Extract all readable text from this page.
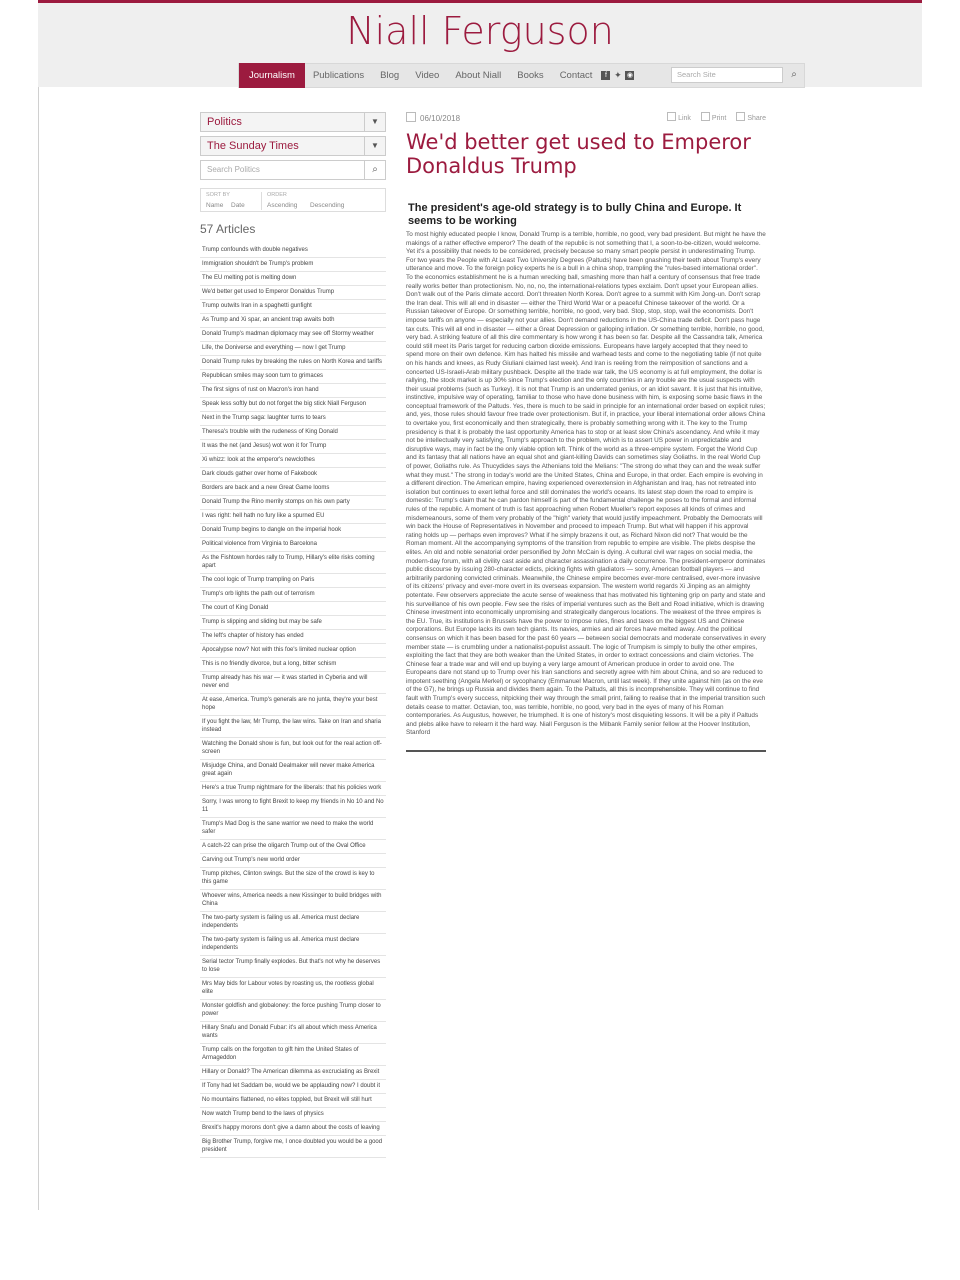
Niall Ferguson
Journalism	Publications	Blog	Video	About Niall	Books	Contact	f ✦ ◉	Search Site	⌕
Politics	▼
The Sunday Times	▼
Search Politics	⌕
SORT BY
Name Date
ORDER
Ascending Descending
57 Articles
Trump confounds with double negatives
Immigration shouldn't be Trump's problem
The EU melting pot is melting down
We'd better get used to Emperor Donaldus Trump
Trump outwits Iran in a spaghetti gunfight
As Trump and Xi spar, an ancient trap awaits both
Donald Trump's madman diplomacy may see off Stormy weather
Life, the Doniverse and everything — now I get Trump
Donald Trump rules by breaking the rules on North Korea and tariffs
Republican smiles may soon turn to grimaces
The first signs of rust on Macron's iron hand
Speak less softly but do not forget the big stick Niall Ferguson
Next in the Trump saga: laughter turns to tears
Theresa's trouble with the rudeness of King Donald
It was the net (and Jesus) wot won it for Trump
Xi whizz: look at the emperor's newclothes
Dark clouds gather over home of Fakebook
Borders are back and a new Great Game looms
Donald Trump the Rino merrily stomps on his own party
I was right: hell hath no fury like a spurned EU
Donald Trump begins to dangle on the imperial hook
Political violence from Virginia to Barcelona
As the Fishtown hordes rally to Trump, Hillary's elite risks coming apart
The cool logic of Trump trampling on Paris
Trump's orb lights the path out of terrorism
The court of King Donald
Trump is slipping and sliding but may be safe
The left's chapter of history has ended
Apocalypse now? Not with this foe's limited nuclear option
This is no friendly divorce, but a long, bitter schism
Trump already has his war — it was started in Cyberia and will never end
At ease, America. Trump's generals are no junta, they're your best hope
If you fight the law, Mr Trump, the law wins. Take on Iran and sharia instead
Watching the Donald show is fun, but look out for the real action off-screen
Misjudge China, and Donald Dealmaker will never make America great again
Here's a true Trump nightmare for the liberals: that his policies work
Sorry, I was wrong to fight Brexit to keep my friends in No 10 and No 11
Trump's Mad Dog is the sane warrior we need to make the world safer
A catch-22 can prise the oligarch Trump out of the Oval Office
Carving out Trump's new world order
Trump pitches, Clinton swings. But the size of the crowd is key to this game
Whoever wins, America needs a new Kissinger to build bridges with China
The two-party system is failing us all. America must declare independents
The two-party system is failing us all. America must declare independents
Serial tector Trump finally explodes. But that's not why he deserves to lose
Mrs May bids for Labour votes by roasting us, the rootless global elite
Monster goldfish and globaloney: the force pushing Trump closer to power
Hillary Snafu and Donald Fubar: it's all about which mess America wants
Trump calls on the forgotten to gift him the United States of Armageddon
Hillary or Donald? The American dilemma as excruciating as Brexit
If Tony had let Saddam be, would we be applauding now? I doubt it
No mountains flattened, no elites toppled, but Brexit will still hurt
Now watch Trump bend to the laws of physics
Brexit's happy morons don't give a damn about the costs of leaving
Big Brother Trump, forgive me, I once doubted you would be a good president
06/10/2018	Link	Print	Share
We'd better get used to Emperor Donaldus Trump
The president's age-old strategy is to bully China and Europe. It seems to be working

To most highly educated people I know, Donald Trump is a terrible, horrible, no good, very bad president. But might he have the makings of a rather effective emperor? The death of the republic is not something that I, a soon-to-be-citizen, would welcome. Yet it's a possibility that needs to be considered, precisely because so many smart people persist in underestimating Trump. For two years the People with At Least Two University Degrees (Paltuds) have been gnashing their teeth about Trump's every utterance and move. To the foreign policy experts he is a bull in a china shop, trampling the "rules-based international order". To the economics establishment he is a human wrecking ball, smashing more than half a century of consensus that free trade really works better than protectionism. No, no, no, the international-relations types exclaim. Don't upset your European allies. Don't walk out of the Paris climate accord. Don't threaten North Korea. Don't agree to a summit with Kim Jong-un. Don't scrap the Iran deal. This will all end in disaster — either the Third World War or a peaceful Chinese takeover of the world. Or a Russian takeover of Europe. Or something terrible, horrible, no good, very bad. Stop, stop, stop, wail the economists. Don't impose tariffs on anyone — especially not your allies. Don't demand reductions in the US-China trade deficit. Don't pass huge tax cuts. This will all end in disaster — either a Great Depression or galloping inflation. Or something terrible, horrible, no good, very bad. A striking feature of all this dire commentary is how wrong it has been so far. Despite all the Cassandra talk, America could still meet its Paris target for reducing carbon dioxide emissions. Europeans have largely accepted that they need to spend more on their own defence. Kim has halted his missile and warhead tests and come to the negotiating table (if not quite on his hands and knees, as Rudy Giuliani claimed last week). And Iran is reeling from the reimposition of sanctions and a concerted US-Israeli-Arab military pushback. Despite all the trade war talk, the US economy is at full employment, the dollar is rallying, the stock market is up 30% since Trump's election and the only countries in any trouble are the usual suspects with their usual problems (such as Turkey). It is not that Trump is an underrated genius, or an idiot savant. It is just that his intuitive, instinctive, impulsive way of operating, familiar to those who have done business with him, is exposing some basic flaws in the conceptual framework of the Paltuds. Yes, there is much to be said in principle for an international order based on explicit rules; and, yes, those rules should favour free trade over protectionism. But if, in practice, your liberal international order allows China to overtake you, first economically and then strategically, there is probably something wrong with it. The key to the Trump presidency is that it is probably the last opportunity America has to stop or at least slow China's ascendancy. And while it may not be intellectually very satisfying, Trump's approach to the problem, which is to assert US power in unpredictable and disruptive ways, may in fact be the only viable option left. Think of the world as a three-empire system. Forget the World Cup and its fantasy that all nations have an equal shot and giant-killing Davids can sometimes slay Goliaths. In the real World Cup of power, Goliaths rule. As Thucydides says the Athenians told the Melians: "The strong do what they can and the weak suffer what they must." The strong in today's world are the United States, China and Europe, in that order. Each empire is evolving in a different direction. The American empire, having experienced overextension in Afghanistan and Iraq, has not retreated into isolation but continues to exert lethal force and still dominates the world's oceans. Its latest step down the road to empire is domestic: Trump's claim that he can pardon himself is part of the fundamental challenge he poses to the formal and informal rules of the republic. A moment of truth is fast approaching when Robert Mueller's report exposes all kinds of crimes and misdemeanours, some of them very probably of the "high" variety that would justify impeachment. Probably the Democrats will win back the House of Representatives in November and proceed to impeach Trump. But what will happen if his approval rating holds up — perhaps even improves? What if he simply brazens it out, as Richard Nixon did not? That would be the Roman moment. All the accompanying symptoms of the transition from republic to empire are visible. The plebs despise the elites. An old and noble senatorial order personified by John McCain is dying. A cultural civil war rages on social media, the modern-day forum, with all civility cast aside and character assassination a daily occurrence. The president-emperor dominates public discourse by issuing 280-character edicts, picking fights with gladiators — sorry, American football players — and arbitrarily pardoning convicted criminals. Meanwhile, the Chinese empire becomes ever-more centralised, ever-more invasive of its citizens' privacy and ever-more overt in its overseas expansion. The western world regards Xi Jinping as an almighty potentate. Few observers appreciate the acute sense of weakness that has motivated his tightening grip on party and state and his surveillance of his own people. Few see the risks of imperial ventures such as the Belt and Road initiative, which is drawing Chinese investment into economically unpromising and strategically dangerous locations. The weakest of the three empires is the EU. True, its institutions in Brussels have the power to impose rules, fines and taxes on the biggest US and Chinese corporations. But Europe lacks its own tech giants. Its navies, armies and air forces have melted away. And the political consensus on which it has been based for the past 60 years — between social democrats and moderate conservatives in every member state — is crumbling under a nationalist-populist assault. The logic of Trumpism is simply to bully the other empires, exploiting the fact that they are both weaker than the United States, in order to extract concessions and claim victories. The Chinese fear a trade war and will end up buying a very large amount of American produce in order to avoid one. The Europeans dare not stand up to Trump over his Iran sanctions and secretly agree with him about China, and so are reduced to impotent seething (Angela Merkel) or sycophancy (Emmanuel Macron, until last week). If they unite against him (as on the eve of the G7), he brings up Russia and divides them again. To the Paltuds, all this is incomprehensible. They will continue to find fault with Trump's every success, nitpicking their way through the small print, failing to realise that in the imperial transition such details cease to matter. Octavian, too, was terrible, horrible, no good, very bad in the eyes of many of his Roman contemporaries. As Augustus, however, he triumphed. It is one of history's most disquieting lessons. It will be a pity if Paltuds and plebs alike have to relearn it the hard way. Niall Ferguson is the Milbank Family senior fellow at the Hoover Institution, Stanford
